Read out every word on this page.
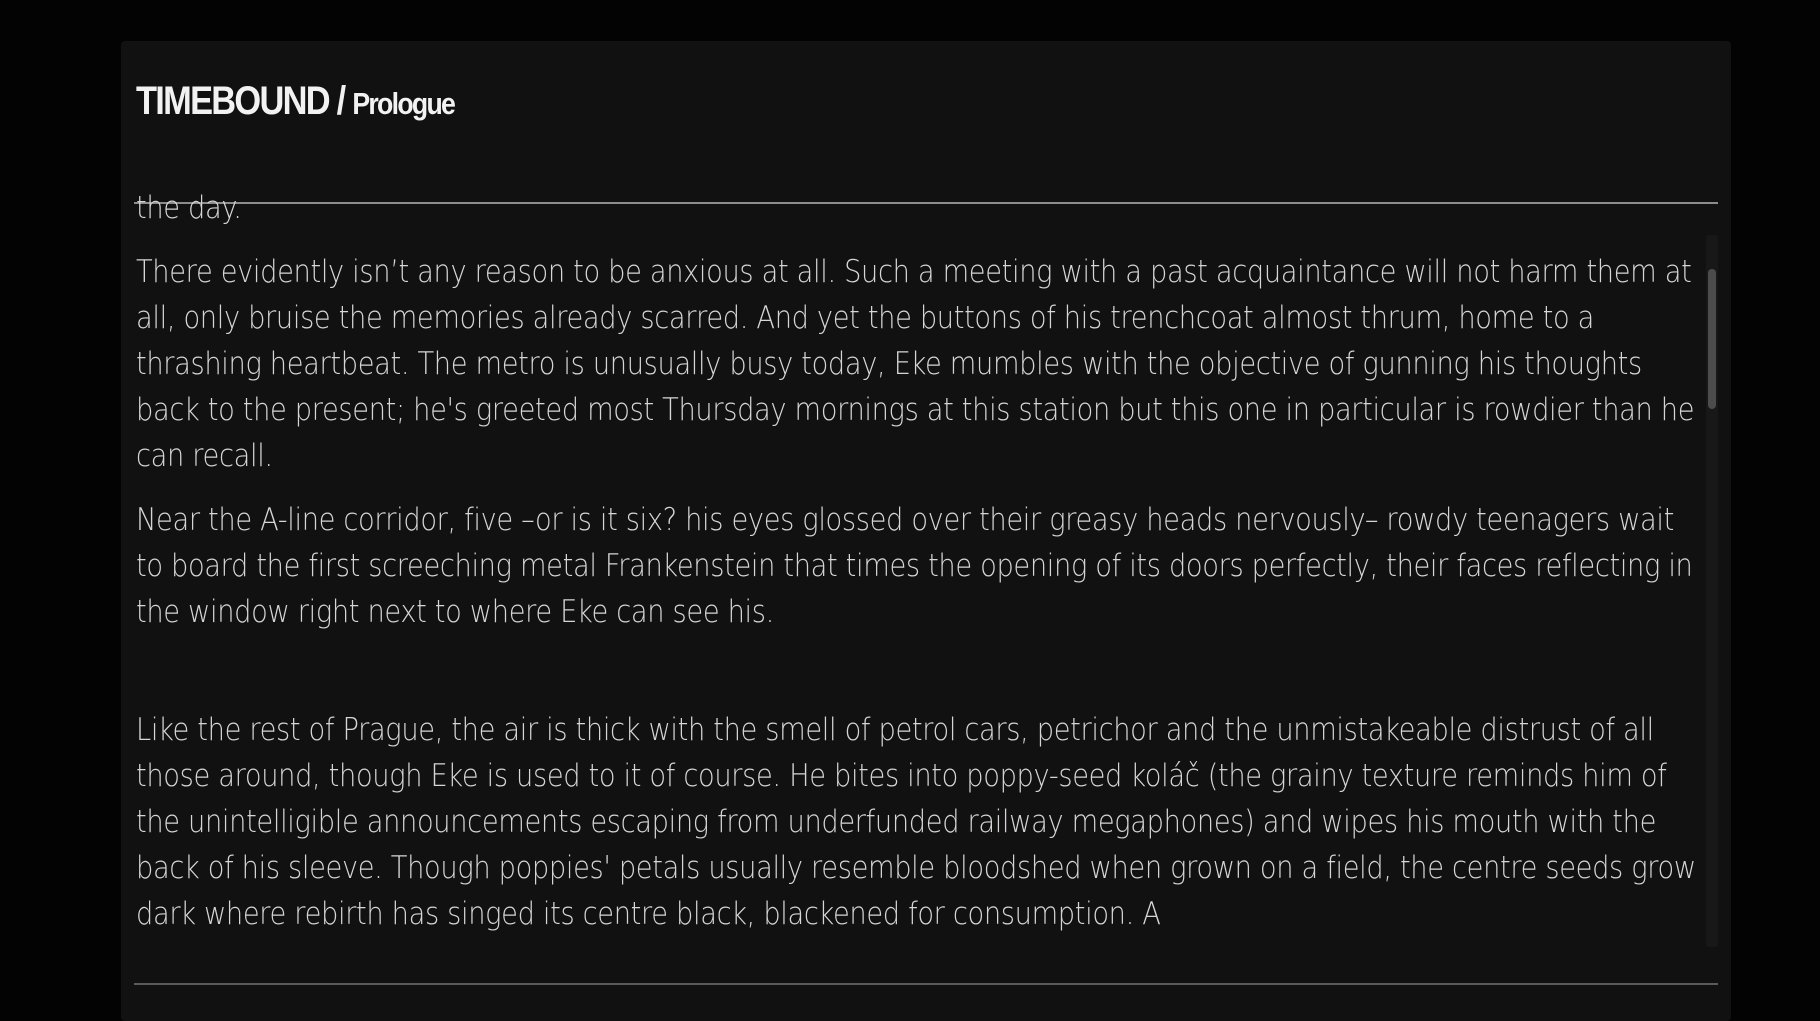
TIMEBOUND / Prologue

the day.

There evidently isn’t any reason to be anxious at all. Such a meeting with a past acquaintance will not harm them at all, only bruise the memories already scarred. And yet the buttons of his trenchcoat almost thrum, home to a thrashing heartbeat. The metro is unusually busy today, Eke mumbles with the objective of gunning his thoughts back to the present; he's greeted most Thursday mornings at this station but this one in particular is rowdier than he can recall.

Near the A-line corridor, five –or is it six? his eyes glossed over their greasy heads nervously– rowdy teenagers wait to board the first screeching metal Frankenstein that times the opening of its doors perfectly, their faces reflecting in the window right next to where Eke can see his.

Like the rest of Prague, the air is thick with the smell of petrol cars, petrichor and the unmistakeable distrust of all those around, though Eke is used to it of course. He bites into poppy-seed koláč (the grainy texture reminds him of the unintelligible announcements escaping from underfunded railway megaphones) and wipes his mouth with the back of his sleeve. Though poppies' petals usually resemble bloodshed when grown on a field, the centre seeds grow dark where rebirth has singed its centre black, blackened for consumption. A
